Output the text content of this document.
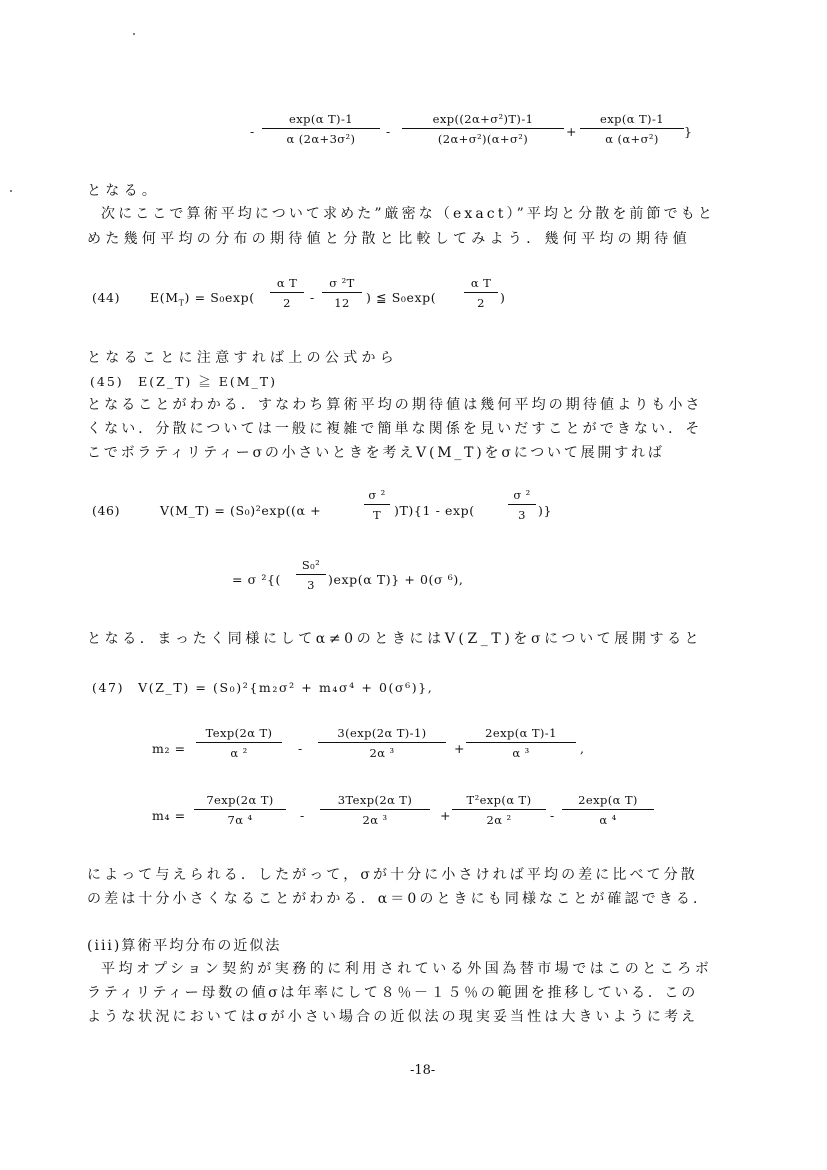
- $\frac{\text{exp(α T)-1}}{\text{α (2α+3σ²)}} - \frac{\text{exp((2α+σ²)T)-1}}{\text{(2α+σ²)(α+σ²)}} + \frac{\text{exp(α T)-1}}{\text{α (α+σ²)}}$ }
となる。
次にここで算術平均について求めた”厳密な（exact）”平均と分散を前節でもと
めた幾何平均の分布の期待値と分散と比較してみよう．幾何平均の期待値
(44) $E(M_T) = S_0\exp( \frac{\text{α T}}{2} - \frac{\text{σ ²T}}{12}$ ) ≦ $S_0\exp( \frac{\text{α T}}{2}$ )
となることに注意すれば上の公式から
(45)　E(Z_T) ≧ E(M_T)
となることがわかる．すなわち算術平均の期待値は幾何平均の期待値よりも小さ
くない．分散については一般に複雑で簡単な関係を見いだすことができない．そ
こでボラティリティーσの小さいときを考えV(M_T)をσについて展開すれば
(46)	V(M_T) = (S₀)²exp((α +	$\frac{\text{σ ²}}{T} )T)\{1 - \exp$(	$\frac{\text{σ ²}}{3}$ )}
= σ $^2\{( \frac{\text{S₀²}}{3} )\exp(\alpha$ T)} + 0(σ ⁶),
となる．まったく同様にしてα≠0のときにはV(Z_T)をσについて展開すると
(47)　V(Z_T) = (S₀)²{m₂σ² + m₄σ⁴ + 0(σ⁶)},
$m_2 = \frac{\text{Texp(2α T)}}{\text{α ²}} - \frac{\text{3(exp(2α T)-1)}}{\text{2α ³}} + \frac{\text{2exp(α T)-1}}{\text{α ³}}$ ,
$m_4 = \frac{\text{7exp(2α T)}}{\text{7α ⁴}} - \frac{\text{3Texp(2α T)}}{\text{2α ³}} + \frac{\text{T²exp(α T)}}{\text{2α ²}} - \frac{\text{2exp(α T)}}{\text{α ⁴}}$
によって与えられる．したがって，σが十分に小さければ平均の差に比べて分散
の差は十分小さくなることがわかる．α＝0のときにも同様なことが確認できる．
(iii)算術平均分布の近似法
平均オプション契約が実務的に利用されている外国為替市場ではこのところボ
ラティリティー母数の値σは年率にして８％－１５％の範囲を推移している．この
ような状況においてはσが小さい場合の近似法の現実妥当性は大きいように考え
-18-
